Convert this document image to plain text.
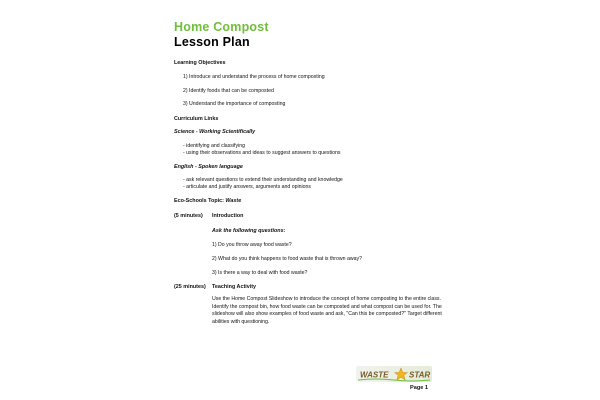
Home Compost
Lesson Plan
Learning Objectives
1) Introduce and understand the process of home composting
2) Identify foods that can be composted
3) Understand the importance of composting
Curriculum Links
Science - Working Scientifically
- identifying and classifying
- using their observations and ideas to suggest answers to questions
English - Spoken language
- ask relevant questions to extend their understanding and knowledge
- articulate and justify answers, arguments and opinions
Eco-Schools Topic: Waste
(5 minutes) Introduction
Ask the following questions:
1) Do you throw away food waste?
2) What do you think happens to food waste that is thrown away?
3) Is there a way to deal with food waste?
(25 minutes) Teaching Activity
Use the Home Compost Slideshow to introduce the concept of home composting to the entire class. Identify the compost bin, how food waste can be composted and what compost can be used for. The slideshow will also show examples of food waste and ask, "Can this be composted?" Target different abilities with questioning.
WASTE	STAR
Page 1
